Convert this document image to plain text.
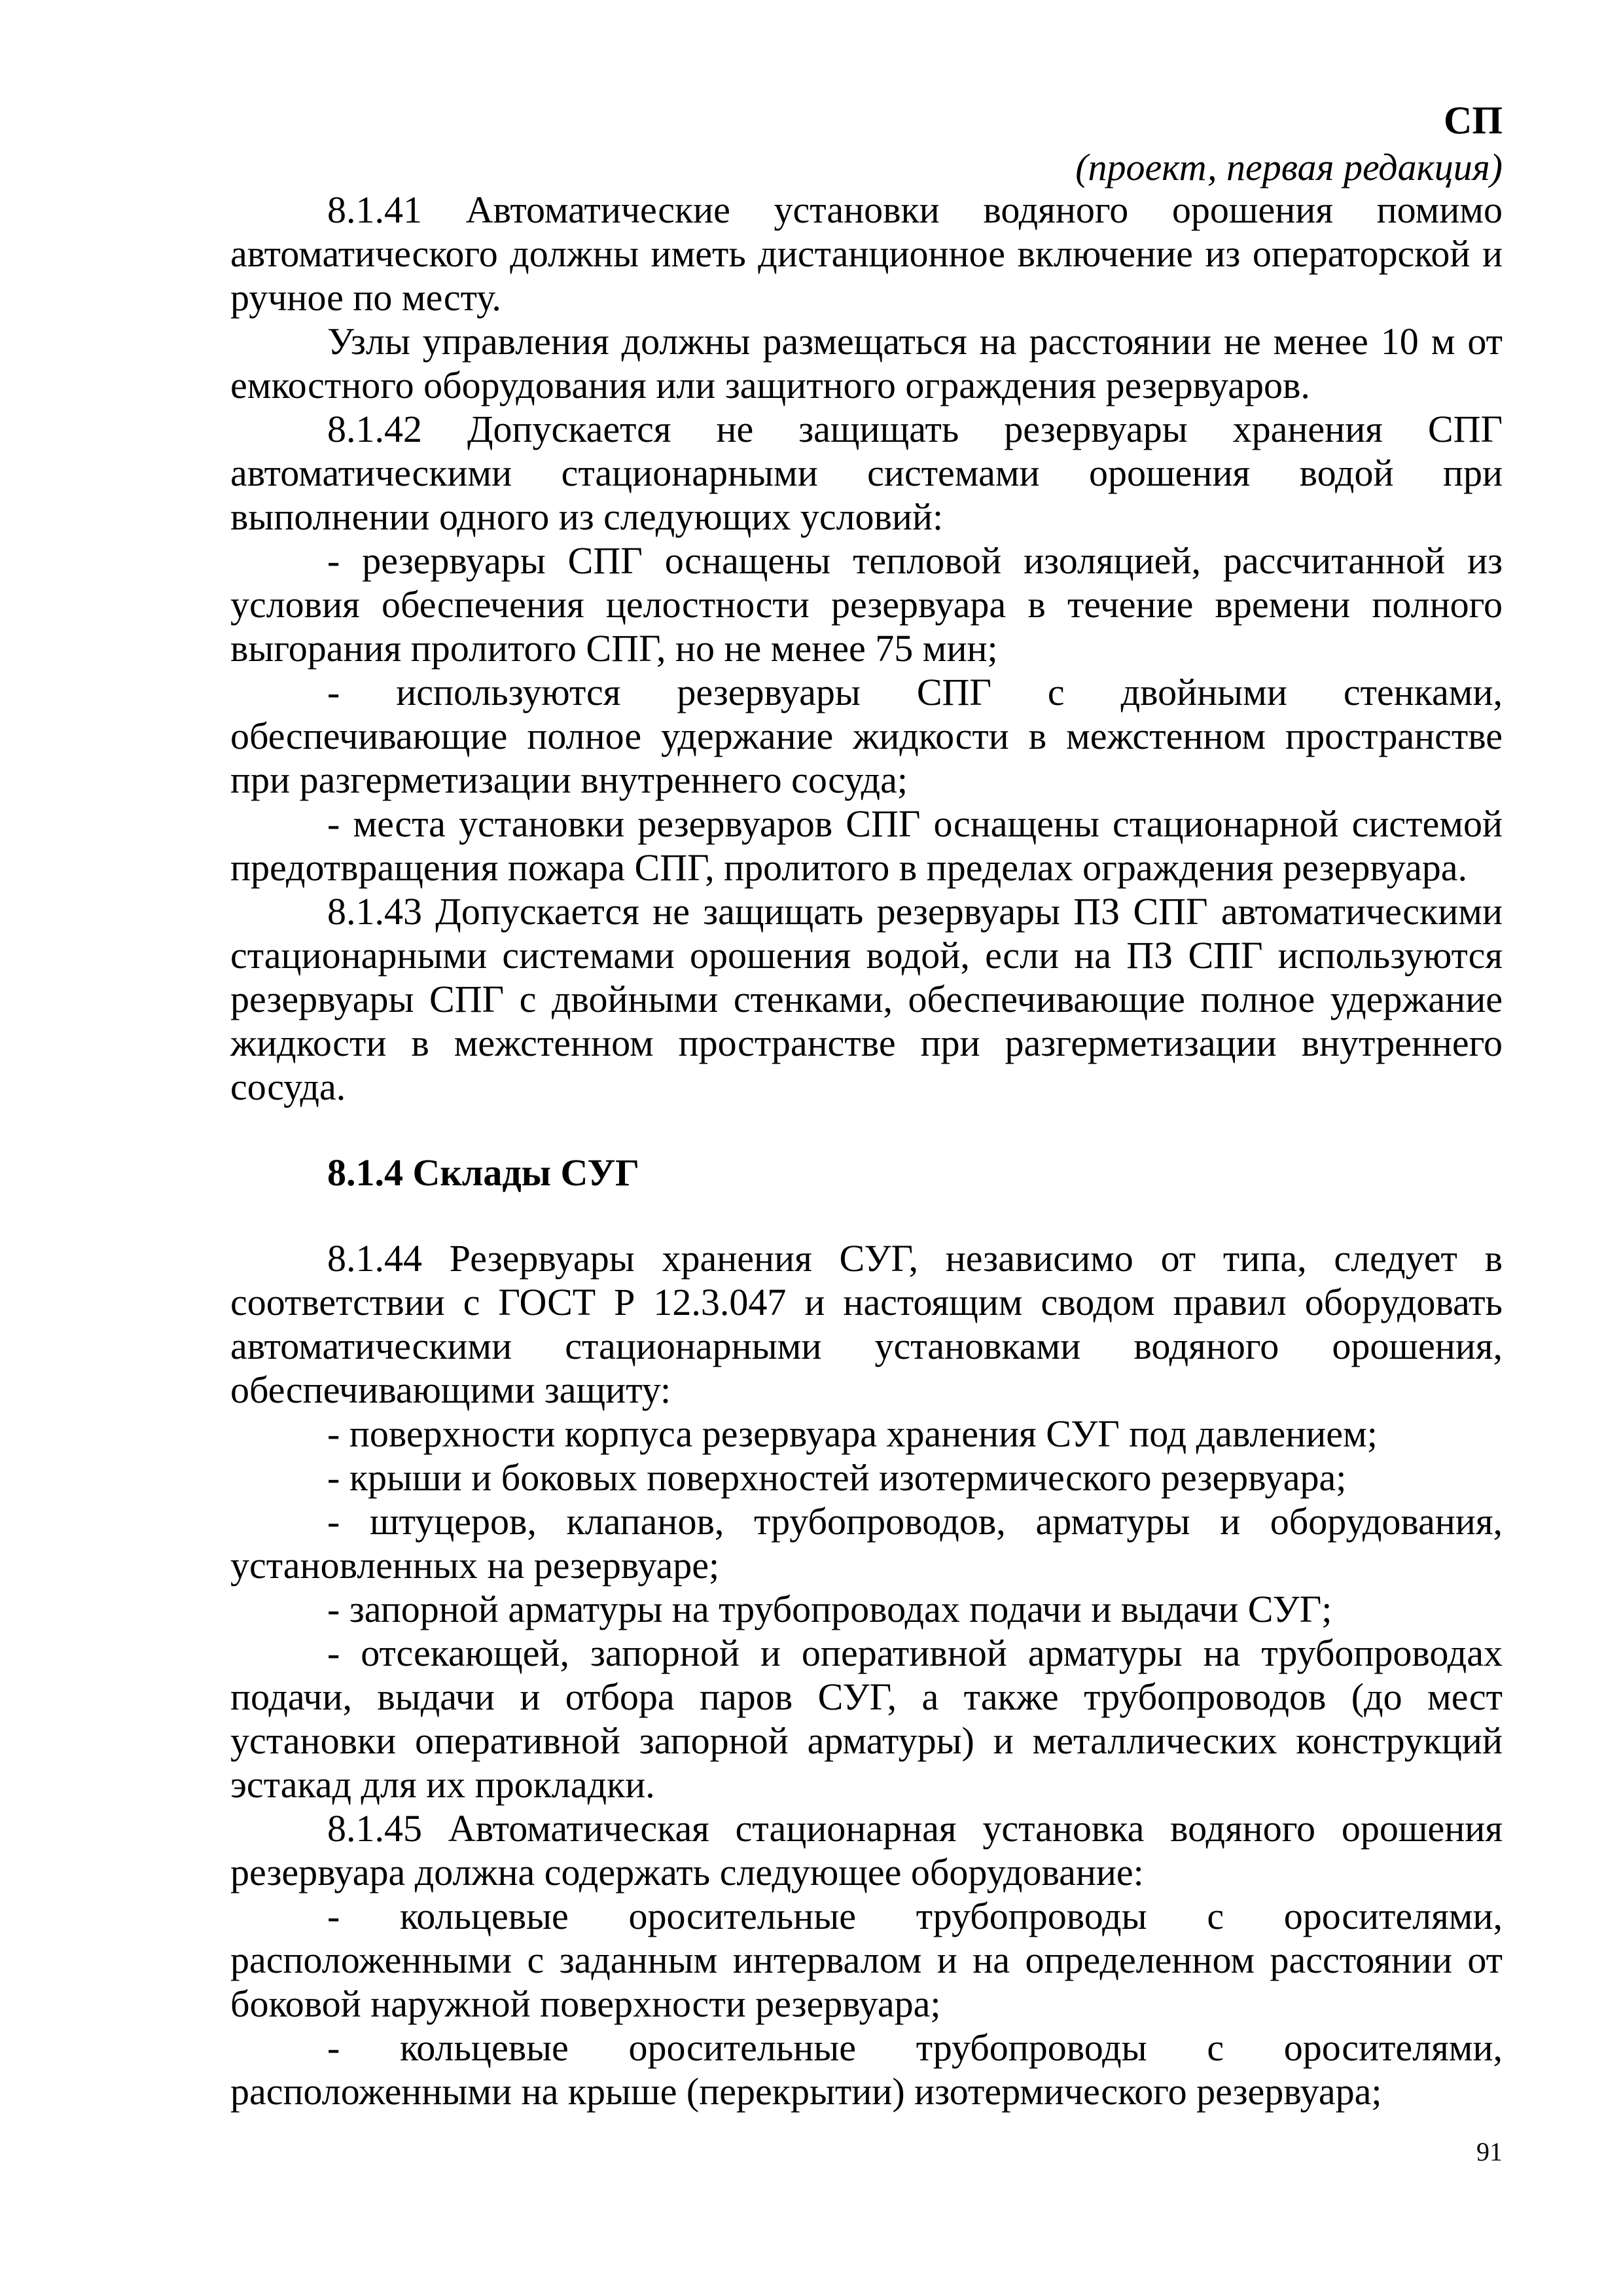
СП
(проект, первая редакция)

8.1.41 Автоматические установки водяного орошения помимо автоматического должны иметь дистанционное включение из операторской и ручное по месту.

Узлы управления должны размещаться на расстоянии не менее 10 м от емкостного оборудования или защитного ограждения резервуаров.

8.1.42 Допускается не защищать резервуары хранения СПГ автоматическими стационарными системами орошения водой при выполнении одного из следующих условий:

- резервуары СПГ оснащены тепловой изоляцией, рассчитанной из условия обеспечения целостности резервуара в течение времени полного выгорания пролитого СПГ, но не менее 75 мин;

- используются резервуары СПГ с двойными стенками, обеспечивающие полное удержание жидкости в межстенном пространстве при разгерметизации внутреннего сосуда;

- места установки резервуаров СПГ оснащены стационарной системой предотвращения пожара СПГ, пролитого в пределах ограждения резервуара.

8.1.43 Допускается не защищать резервуары ПЗ СПГ автоматическими стационарными системами орошения водой, если на ПЗ СПГ используются резервуары СПГ с двойными стенками, обеспечивающие полное удержание жидкости в межстенном пространстве при разгерметизации внутреннего сосуда.

8.1.4 Склады СУГ

8.1.44 Резервуары хранения СУГ, независимо от типа, следует в соответствии с ГОСТ Р 12.3.047 и настоящим сводом правил оборудовать автоматическими стационарными установками водяного орошения, обеспечивающими защиту:

- поверхности корпуса резервуара хранения СУГ под давлением;

- крыши и боковых поверхностей изотермического резервуара;

- штуцеров, клапанов, трубопроводов, арматуры и оборудования, установленных на резервуаре;

- запорной арматуры на трубопроводах подачи и выдачи СУГ;

- отсекающей, запорной и оперативной арматуры на трубопроводах подачи, выдачи и отбора паров СУГ, а также трубопроводов (до мест установки оперативной запорной арматуры) и металлических конструкций эстакад для их прокладки.

8.1.45 Автоматическая стационарная установка водяного орошения резервуара должна содержать следующее оборудование:

- кольцевые оросительные трубопроводы с оросителями, расположенными с заданным интервалом и на определенном расстоянии от боковой наружной поверхности резервуара;

- кольцевые оросительные трубопроводы с оросителями, расположенными на крыше (перекрытии) изотермического резервуара;

91
